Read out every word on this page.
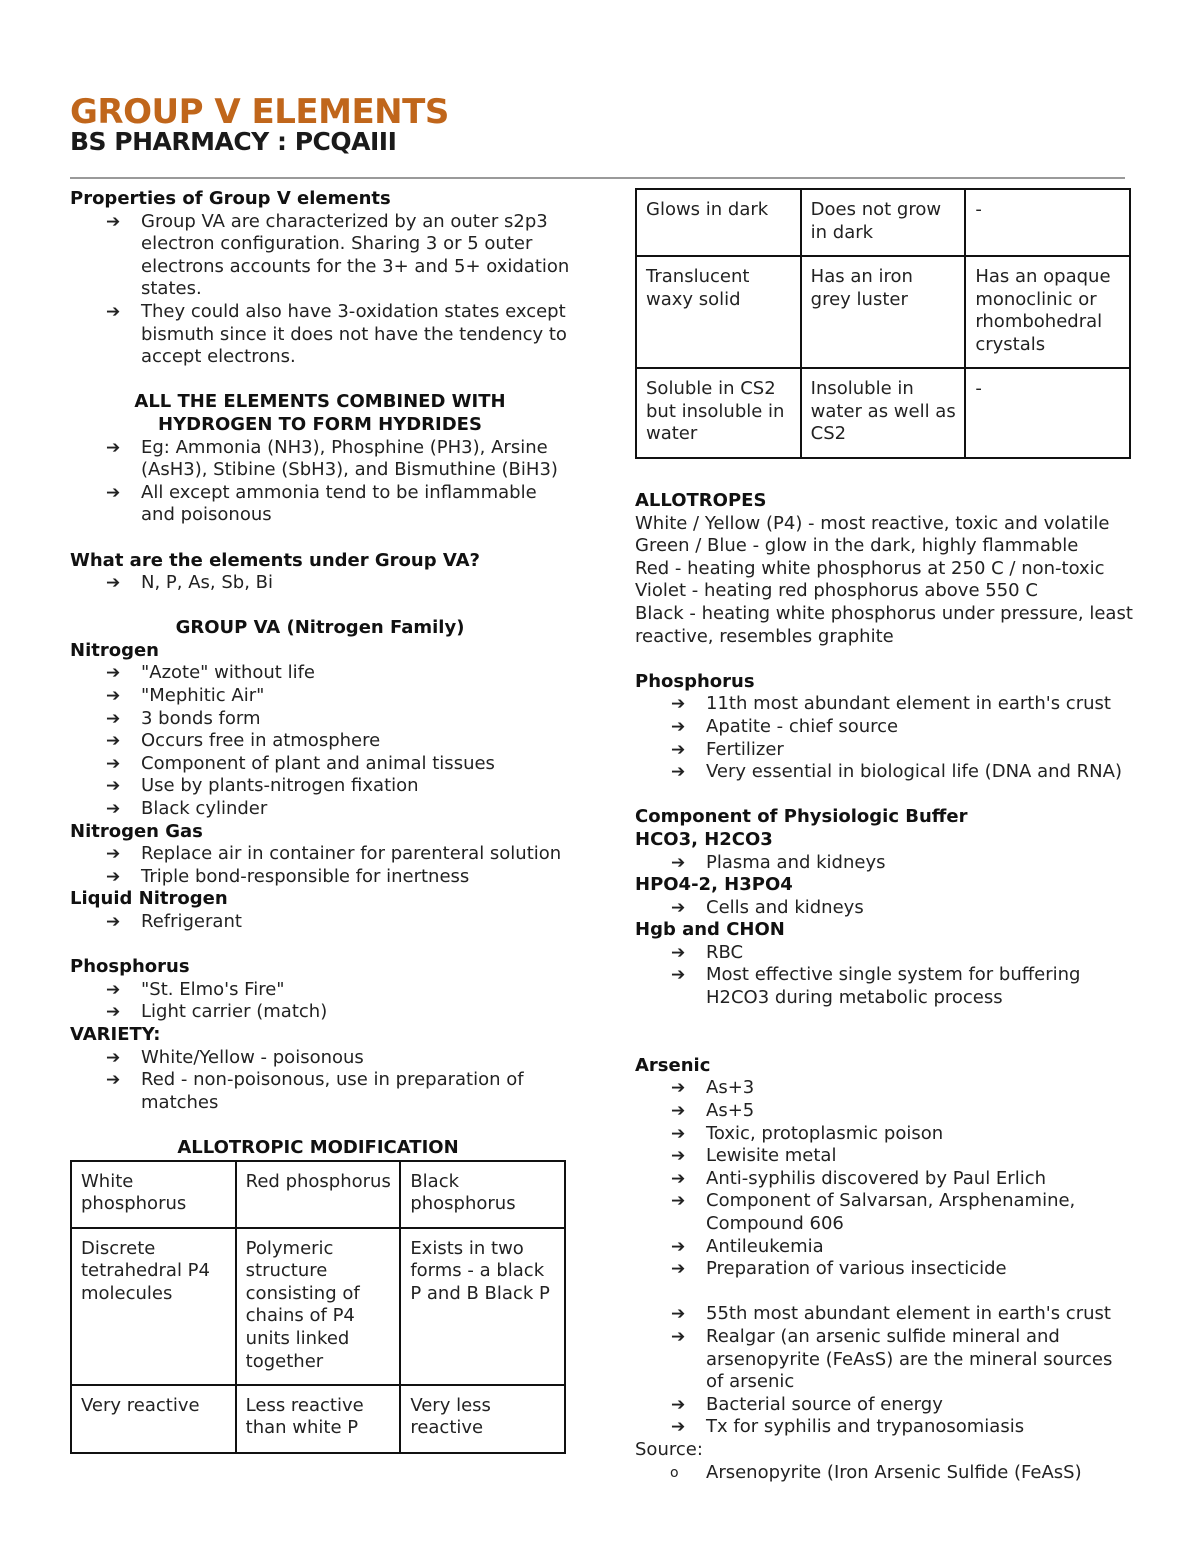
GROUP V ELEMENTS
BS PHARMACY : PCQAIII
Properties of Group V elements
➔ Group VA are characterized by an outer s2p3 electron configuration. Sharing 3 or 5 outer electrons accounts for the 3+ and 5+ oxidation states.
➔ They could also have 3-oxidation states except bismuth since it does not have the tendency to accept electrons.
ALL THE ELEMENTS COMBINED WITH HYDROGEN TO FORM HYDRIDES
➔ Eg: Ammonia (NH3), Phosphine (PH3), Arsine (AsH3), Stibine (SbH3), and Bismuthine (BiH3)
➔ All except ammonia tend to be inflammable and poisonous
What are the elements under Group VA?
➔ N, P, As, Sb, Bi
GROUP VA (Nitrogen Family)
Nitrogen
➔ "Azote" without life
➔ "Mephitic Air"
➔ 3 bonds form
➔ Occurs free in atmosphere
➔ Component of plant and animal tissues
➔ Use by plants-nitrogen fixation
➔ Black cylinder
Nitrogen Gas
➔ Replace air in container for parenteral solution
➔ Triple bond-responsible for inertness
Liquid Nitrogen
➔ Refrigerant
Phosphorus
➔ "St. Elmo's Fire"
➔ Light carrier (match)
VARIETY:
➔ White/Yellow - poisonous
➔ Red - non-poisonous, use in preparation of matches
ALLOTROPIC MODIFICATION
White phosphorus	Red phosphorus	Black phosphorus
Discrete tetrahedral P4 molecules	Polymeric structure consisting of chains of P4 units linked together	Exists in two forms - a black P and B Black P
Very reactive	Less reactive than white P	Very less reactive
Glows in dark	Does not grow in dark	-
Translucent waxy solid	Has an iron grey luster	Has an opaque monoclinic or rhombohedral crystals
Soluble in CS2 but insoluble in water	Insoluble in water as well as CS2	-
ALLOTROPES
White / Yellow (P4) - most reactive, toxic and volatile
Green / Blue - glow in the dark, highly flammable
Red - heating white phosphorus at 250 C / non-toxic
Violet - heating red phosphorus above 550 C
Black - heating white phosphorus under pressure, least reactive, resembles graphite
Phosphorus
➔ 11th most abundant element in earth's crust
➔ Apatite - chief source
➔ Fertilizer
➔ Very essential in biological life (DNA and RNA)
Component of Physiologic Buffer
HCO3, H2CO3
➔ Plasma and kidneys
HPO4-2, H3PO4
➔ Cells and kidneys
Hgb and CHON
➔ RBC
➔ Most effective single system for buffering H2CO3 during metabolic process
Arsenic
➔ As+3
➔ As+5
➔ Toxic, protoplasmic poison
➔ Lewisite metal
➔ Anti-syphilis discovered by Paul Erlich
➔ Component of Salvarsan, Arsphenamine, Compound 606
➔ Antileukemia
➔ Preparation of various insecticide
➔ 55th most abundant element in earth's crust
➔ Realgar (an arsenic sulfide mineral and arsenopyrite (FeAsS) are the mineral sources of arsenic
➔ Bacterial source of energy
➔ Tx for syphilis and trypanosomiasis
Source:
o Arsenopyrite (Iron Arsenic Sulfide (FeAsS)
